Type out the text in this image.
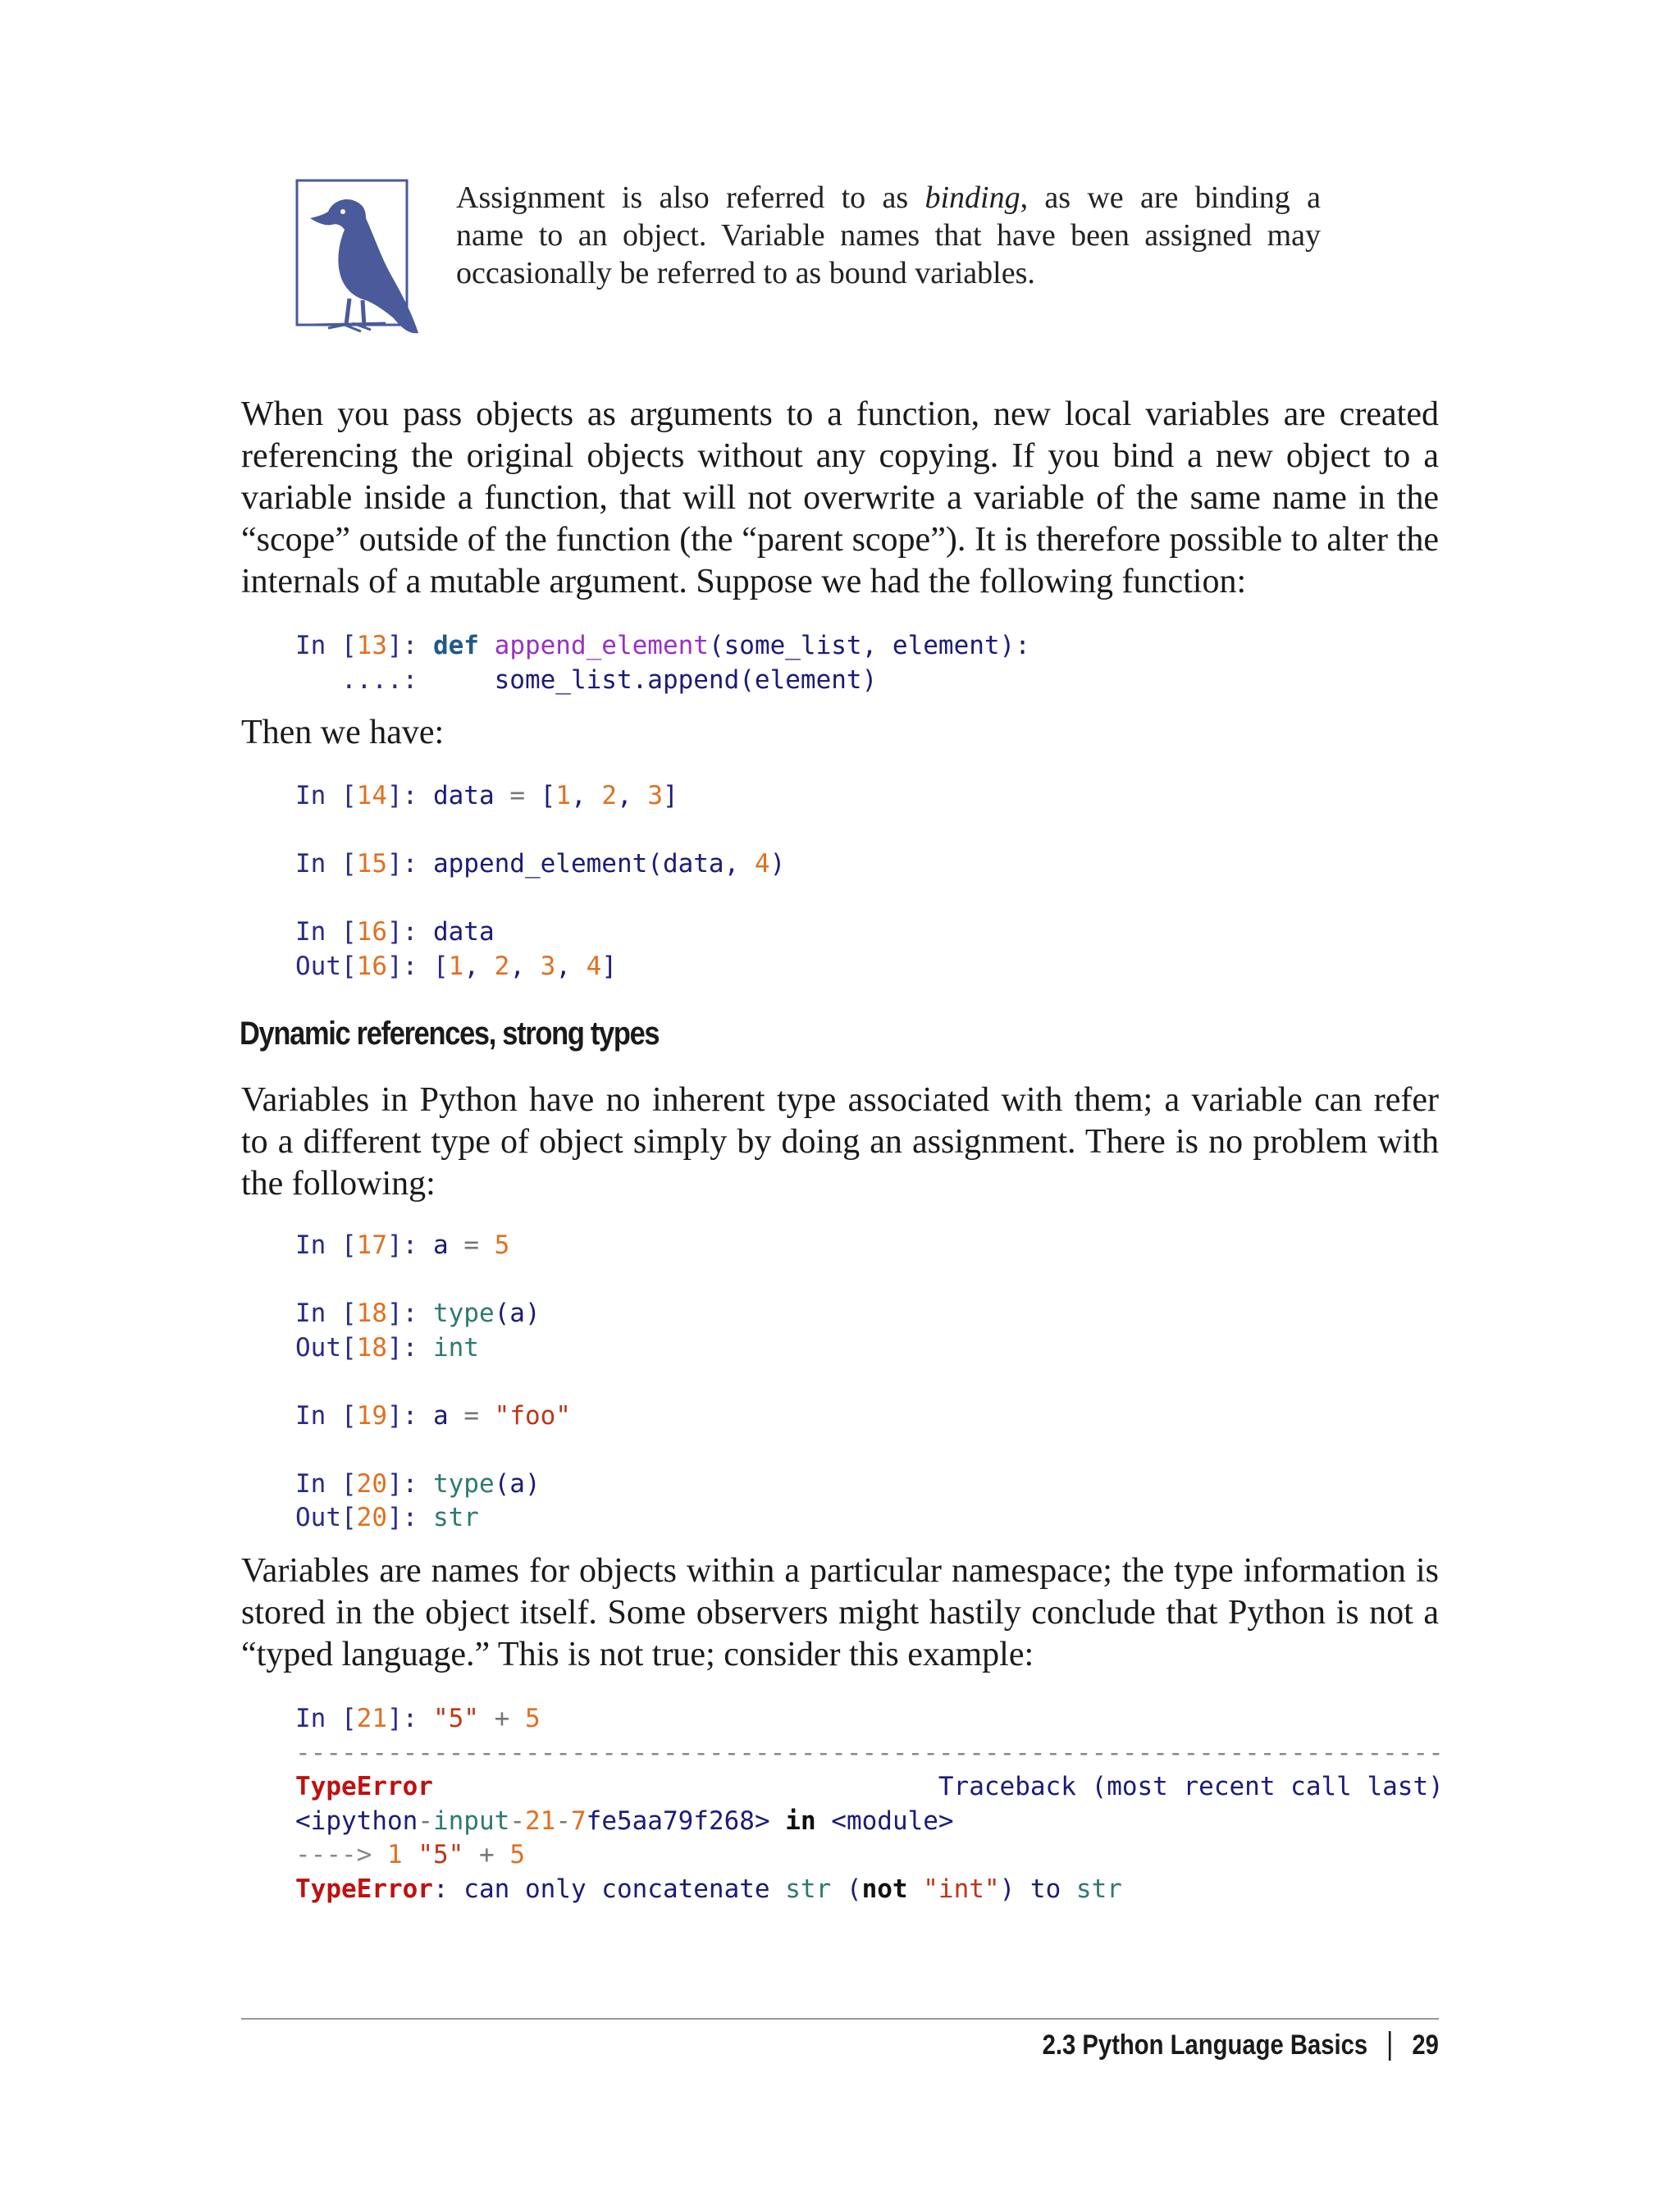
Assignment is also referred to as binding, as we are binding a
name to an object. Variable names that have been assigned may
occasionally be referred to as bound variables.
When you pass objects as arguments to a function, new local variables are created
referencing the original objects without any copying. If you bind a new object to a
variable inside a function, that will not overwrite a variable of the same name in the
“scope” outside of the function (the “parent scope”). It is therefore possible to alter the
internals of a mutable argument. Suppose we had the following function:
In [13]: def append_element(some_list, element):
....:     some_list.append(element)
Then we have:
In [14]: data = [1, 2, 3]
In [15]: append_element(data, 4)
In [16]: data
Out[16]: [1, 2, 3, 4]
Dynamic references, strong types
Variables in Python have no inherent type associated with them; a variable can refer
to a different type of object simply by doing an assignment. There is no problem with
the following:
In [17]: a = 5
In [18]: type(a)
Out[18]: int
In [19]: a = "foo"
In [20]: type(a)
Out[20]: str
Variables are names for objects within a particular namespace; the type information is
stored in the object itself. Some observers might hastily conclude that Python is not a
“typed language.” This is not true; consider this example:
In [21]: "5" + 5
---------------------------------------------------------------------------
TypeError	Traceback (most recent call last)
<ipython-input-21-7fe5aa79f268> in <module>
----> 1 "5" + 5
TypeError: can only concatenate str (not "int") to str
2.3 Python Language Basics 29
